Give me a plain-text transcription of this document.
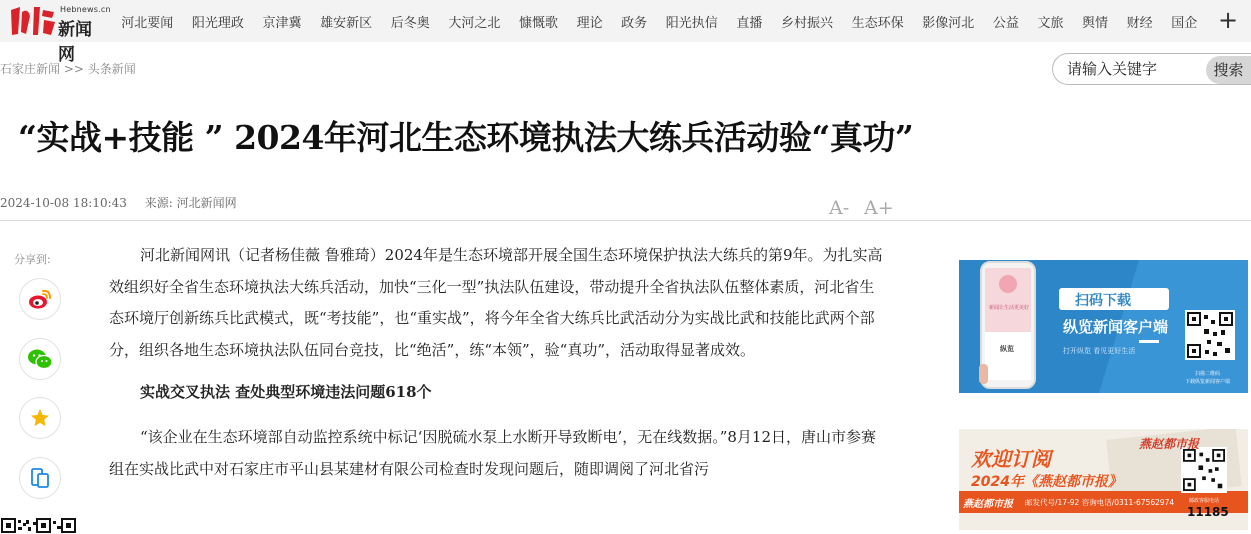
Hebnews.cn
新闻网
河北要闻 阳光理政 京津冀 雄安新区 后冬奥 大河之北 慷慨歌 理论 政务 阳光执信 直播 乡村振兴 生态环保 影像河北 公益 文旅 舆情 财经 国企 +
石家庄新闻 >> 头条新闻
请输入关键字	搜索
“实战+技能 ” 2024年河北生态环境执法大练兵活动验“真功”
2024-10-08 18:10:43 来源: 河北新闻网	A- A+
分享到:	河北新闻网讯（记者杨佳薇 鲁雅琦）2024年是生态环境部开展全国生态环境保护执法大练兵的第9年。为扎实高效组织好全省生态环境执法大练兵活动，加快“三化一型”执法队伍建设，带动提升全省执法队伍整体素质，河北省生态环境厅创新练兵比武模式，既“考技能”，也“重实战”，将今年全省大练兵比武活动分为实战比武和技能比武两个部分，组织各地生态环境执法队伍同台竞技，比“绝活”，练“本领”，验“真功”，活动取得显著成效。

实战交叉执法 查处典型环境违法问题618个

“该企业在生态环境部自动监控系统中标记‘因脱硫水泵上水断开导致断电’，无在线数据。”8月12日，唐山市参赛组在实战比武中对石家庄市平山县某建材有限公司检查时发现问题后，随即调阅了河北省污

新闻让生活更美好
纵览
扫码下载
纵览新闻客户端
打开纵览 看见更好生活
扫描二维码
下载纵览新闻客户端
燕赵都市报
欢迎订阅
2024年《燕赵都市报》
燕赵都市报 邮发代号/17-92 咨询电话/0311-67562974	邮政客服电话
11185
